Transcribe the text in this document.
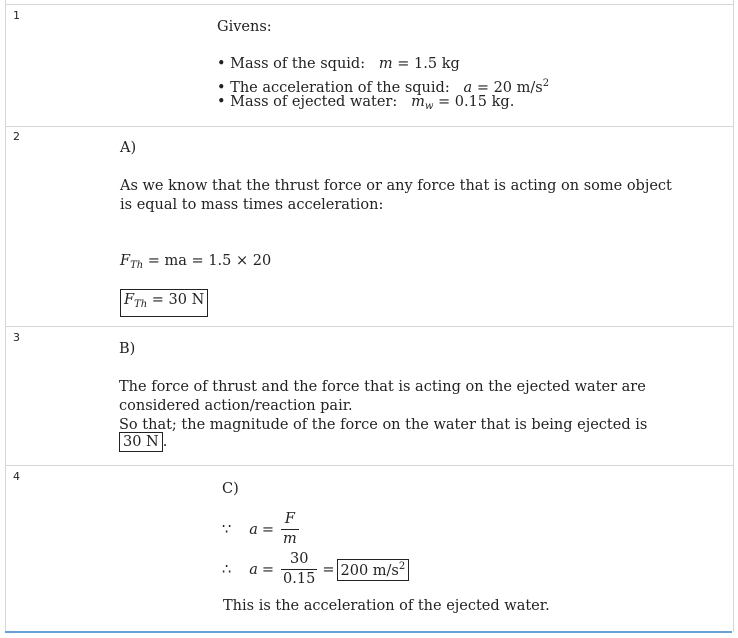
1
Givens:
• Mass of the squid: m = 1.5 kg
• The acceleration of the squid: a = 20 $m/s^2$
• Mass of ejected water: $m_w = 0.15$ kg.
2
A)
As we know that the thrust force or any force that is acting on some object
is equal to mass times acceleration:
$F_{Th}$ = ma = 1.5 × 20
$F_{Th} = 30$ N
3
B)
The force of thrust and the force that is acting on the ejected water are
considered action/reaction pair.
So that; the magnitude of the force on the water that is being ejected is
30 N .
4
C)
∵ $a = \frac{F}{m}$
∴ $a = \frac{30}{0.15} = 200$ $m/s^2$
This is the acceleration of the ejected water.
